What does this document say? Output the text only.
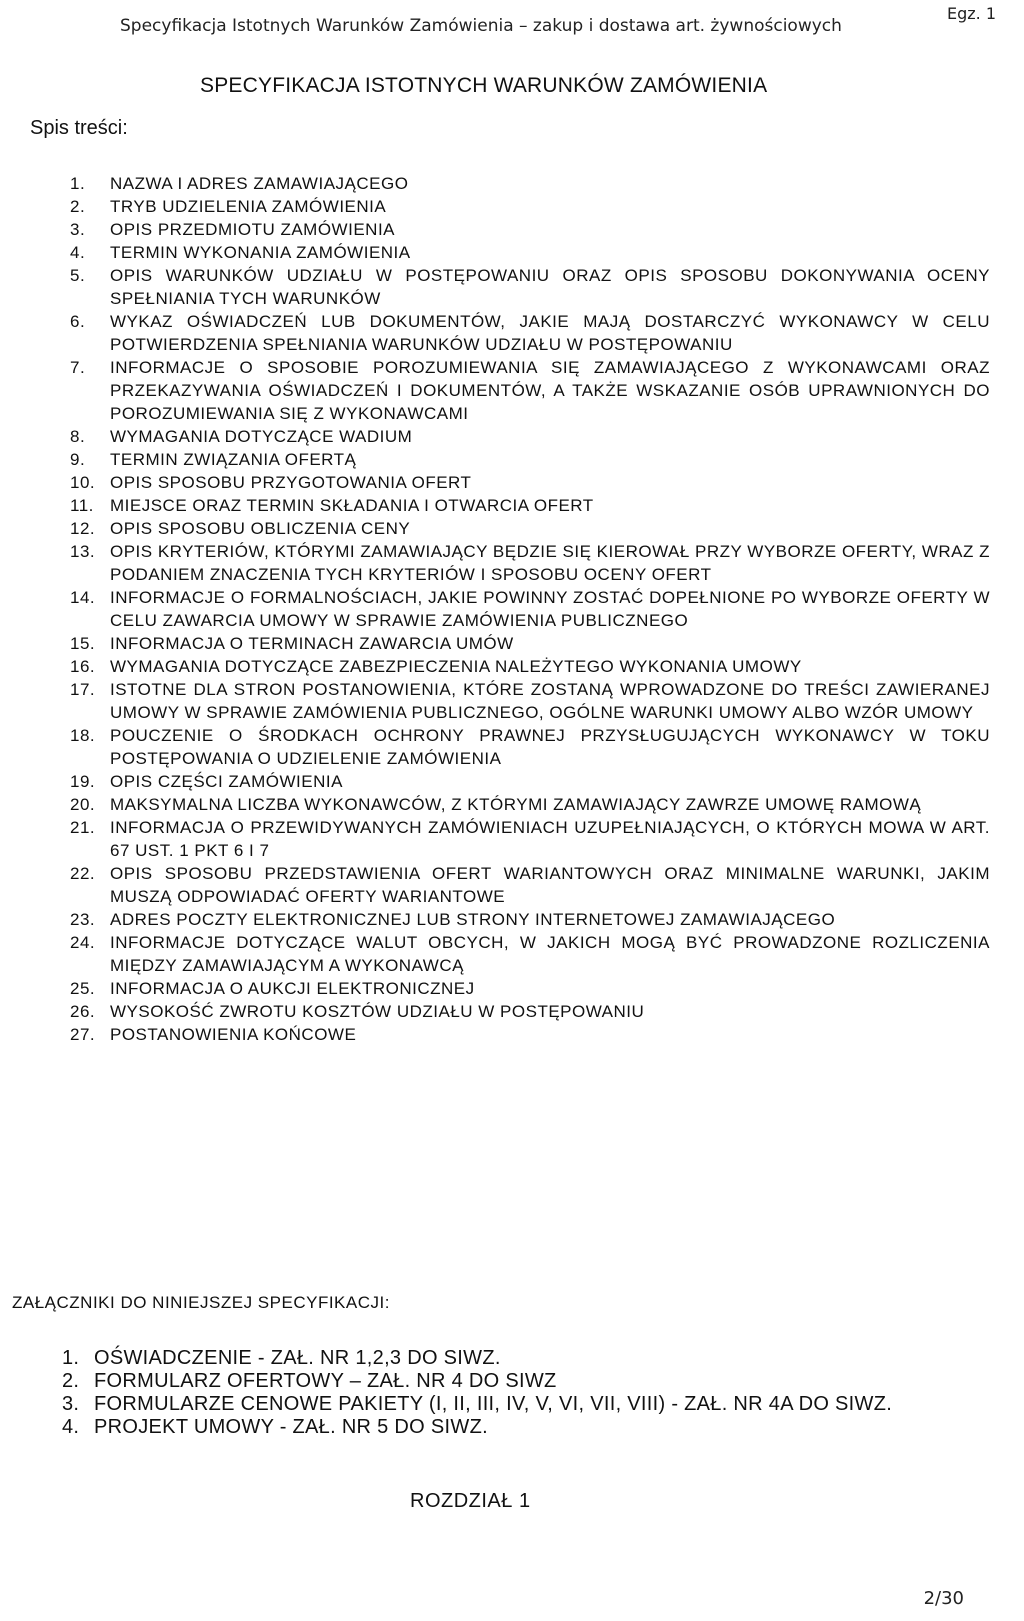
Specyfikacja Istotnych Warunków Zamówienia – zakup i dostawa art. żywnościowych
Egz. 1
SPECYFIKACJA ISTOTNYCH WARUNKÓW ZAMÓWIENIA
Spis treści:
1.	NAZWA I ADRES ZAMAWIAJĄCEGO
2.	TRYB UDZIELENIA ZAMÓWIENIA
3.	OPIS PRZEDMIOTU ZAMÓWIENIA
4.	TERMIN WYKONANIA ZAMÓWIENIA
5.	OPIS WARUNKÓW UDZIAŁU W POSTĘPOWANIU ORAZ OPIS SPOSOBU DOKONYWANIA OCENY SPEŁNIANIA TYCH WARUNKÓW
6.	WYKAZ OŚWIADCZEŃ LUB DOKUMENTÓW, JAKIE MAJĄ DOSTARCZYĆ WYKONAWCY W CELU POTWIERDZENIA SPEŁNIANIA WARUNKÓW UDZIAŁU W POSTĘPOWANIU
7.	INFORMACJE O SPOSOBIE POROZUMIEWANIA SIĘ ZAMAWIAJĄCEGO Z WYKONAWCAMI ORAZ PRZEKAZYWANIA OŚWIADCZEŃ I DOKUMENTÓW, A TAKŻE WSKAZANIE OSÓB UPRAWNIONYCH DO POROZUMIEWANIA SIĘ Z WYKONAWCAMI
8.	WYMAGANIA DOTYCZĄCE WADIUM
9.	TERMIN ZWIĄZANIA OFERTĄ
10. OPIS SPOSOBU PRZYGOTOWANIA OFERT
11. MIEJSCE ORAZ TERMIN SKŁADANIA I OTWARCIA OFERT
12. OPIS SPOSOBU OBLICZENIA CENY
13. OPIS KRYTERIÓW, KTÓRYMI ZAMAWIAJĄCY BĘDZIE SIĘ KIEROWAŁ PRZY WYBORZE OFERTY, WRAZ Z PODANIEM ZNACZENIA TYCH KRYTERIÓW I SPOSOBU OCENY OFERT
14. INFORMACJE O FORMALNOŚCIACH, JAKIE POWINNY ZOSTAĆ DOPEŁNIONE PO WYBORZE OFERTY W CELU ZAWARCIA UMOWY W SPRAWIE ZAMÓWIENIA PUBLICZNEGO
15. INFORMACJA O TERMINACH ZAWARCIA UMÓW
16. WYMAGANIA DOTYCZĄCE ZABEZPIECZENIA NALEŻYTEGO WYKONANIA UMOWY
17. ISTOTNE DLA STRON POSTANOWIENIA, KTÓRE ZOSTANĄ WPROWADZONE DO TREŚCI ZAWIERANEJ UMOWY W SPRAWIE ZAMÓWIENIA PUBLICZNEGO, OGÓLNE WARUNKI UMOWY ALBO WZÓR UMOWY
18. POUCZENIE O ŚRODKACH OCHRONY PRAWNEJ PRZYSŁUGUJĄCYCH WYKONAWCY W TOKU POSTĘPOWANIA O UDZIELENIE ZAMÓWIENIA
19. OPIS CZĘŚCI ZAMÓWIENIA
20. MAKSYMALNA LICZBA WYKONAWCÓW, Z KTÓRYMI ZAMAWIAJĄCY ZAWRZE UMOWĘ RAMOWĄ
21. INFORMACJA O PRZEWIDYWANYCH ZAMÓWIENIACH UZUPEŁNIAJĄCYCH, O KTÓRYCH MOWA W ART. 67 UST. 1 PKT 6 I 7
22. OPIS SPOSOBU PRZEDSTAWIENIA OFERT WARIANTOWYCH ORAZ MINIMALNE WARUNKI, JAKIM MUSZĄ ODPOWIADAĆ OFERTY WARIANTOWE
23. ADRES POCZTY ELEKTRONICZNEJ LUB STRONY INTERNETOWEJ ZAMAWIAJĄCEGO
24. INFORMACJE DOTYCZĄCE WALUT OBCYCH, W JAKICH MOGĄ BYĆ PROWADZONE ROZLICZENIA MIĘDZY ZAMAWIAJĄCYM A WYKONAWCĄ
25. INFORMACJA O AUKCJI ELEKTRONICZNEJ
26. WYSOKOŚĆ ZWROTU KOSZTÓW UDZIAŁU W POSTĘPOWANIU
27. POSTANOWIENIA KOŃCOWE
ZAŁĄCZNIKI DO NINIEJSZEJ SPECYFIKACJI:
1. OŚWIADCZENIE - ZAŁ. NR 1,2,3 DO SIWZ.
2. FORMULARZ OFERTOWY – ZAŁ. NR 4 DO SIWZ
3. FORMULARZE CENOWE PAKIETY (I, II, III, IV, V, VI, VII, VIII) - ZAŁ. NR 4A DO SIWZ.
4. PROJEKT UMOWY - ZAŁ. NR 5 DO SIWZ.
ROZDZIAŁ 1
2/30
